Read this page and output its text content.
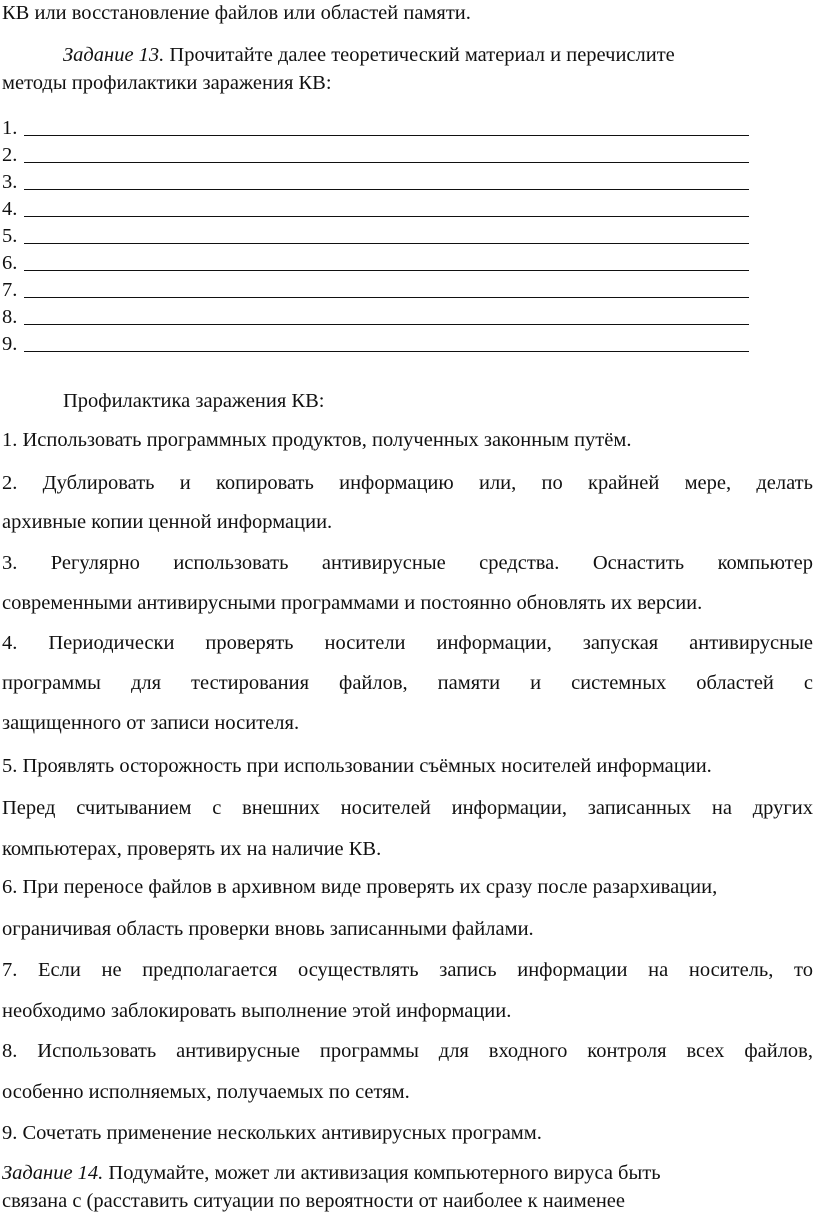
КВ или восстановление файлов или областей памяти.
Задание 13. Прочитайте далее теоретический материал и перечислите
методы профилактики заражения КВ:
1.
2.
3.
4.
5.
6.
7.
8.
9.
Профилактика заражения КВ:
1. Использовать программных продуктов, полученных законным путём.
2. Дублировать и копировать информацию или, по крайней мере, делать
архивные копии ценной информации.
3. Регулярно использовать антивирусные средства. Оснастить компьютер
современными антивирусными программами и постоянно обновлять их версии.
4. Периодически проверять носители информации, запуская антивирусные
программы для тестирования файлов, памяти и системных областей с
защищенного от записи носителя.
5. Проявлять осторожность при использовании съёмных носителей информации.
Перед считыванием с внешних носителей информации, записанных на других
компьютерах, проверять их на наличие КВ.
6. При переносе файлов в архивном виде проверять их сразу после разархивации,
ограничивая область проверки вновь записанными файлами.
7. Если не предполагается осуществлять запись информации на носитель, то
необходимо заблокировать выполнение этой информации.
8. Использовать антивирусные программы для входного контроля всех файлов,
особенно исполняемых, получаемых по сетям.
9. Сочетать применение нескольких антивирусных программ.
Задание 14. Подумайте, может ли активизация компьютерного вируса быть
связана с (расставить ситуации по вероятности от наиболее к наименее
